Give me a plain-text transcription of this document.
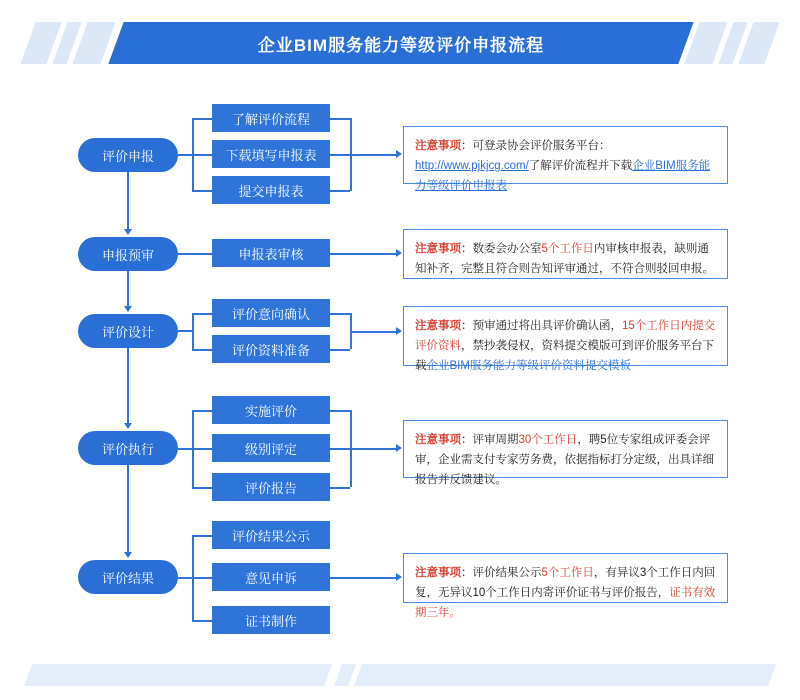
企业BIM服务能力等级评价申报流程
评价申报
申报预审
评价设计
评价执行
评价结果
了解评价流程
下载填写申报表
提交申报表
注意事项：可登录协会评价服务平台：http://www.pjkjcg.com/了解评价流程并下载企业BIM服务能力等级评价申报表
申报表审核	注意事项：数委会办公室5个工作日内审核申报表，缺则通知补齐，完整且符合则告知评审通过，不符合则驳回申报。
评价意向确认
评价资料准备
注意事项：预审通过将出具评价确认函，15个工作日内提交评价资料，禁抄袭侵权，资料提交模版可到评价服务平台下载企业BIM服务能力等级评价资料提交模板
实施评价
级别评定
评价报告
注意事项：评审周期30个工作日，聘5位专家组成评委会评审，企业需支付专家劳务费，依据指标打分定级，出具详细报告并反馈建议。
评价结果公示
意见申诉
证书制作
注意事项：评价结果公示5个工作日，有异议3个工作日内回复，无异议10个工作日内寄评价证书与评价报告，证书有效期三年。
